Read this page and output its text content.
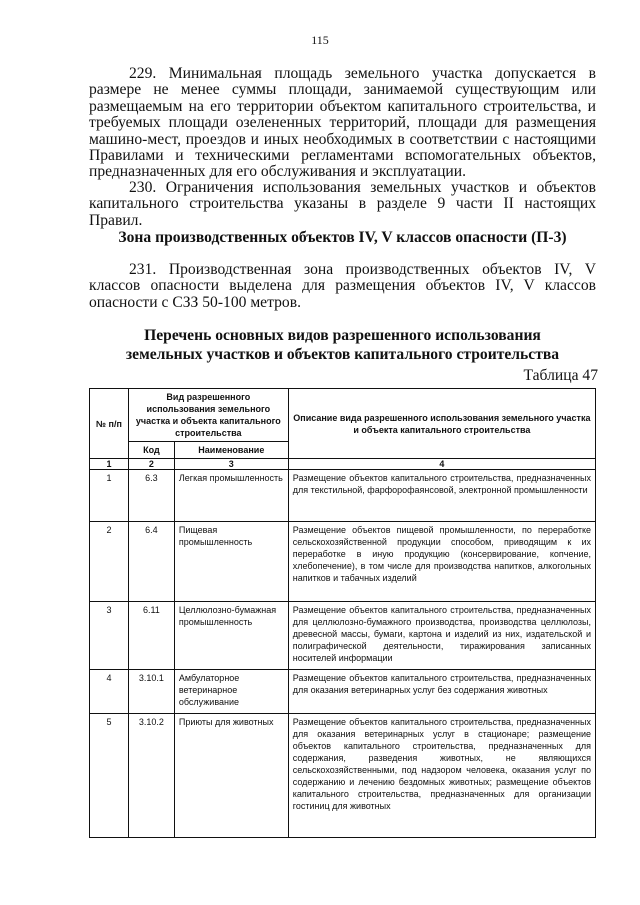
115

229. Минимальная площадь земельного участка допускается в размере не менее суммы площади, занимаемой существующим или размещаемым на его территории объектом капитального строительства, и требуемых площади озелененных территорий, площади для размещения машино-мест, проездов и иных необходимых в соответствии с настоящими Правилами и техническими регламентами вспомогательных объектов, предназначенных для его обслуживания и эксплуатации.

230. Ограничения использования земельных участков и объектов капитального строительства указаны в разделе 9 части II настоящих Правил.

Зона производственных объектов IV, V классов опасности (П-3)

231. Производственная зона производственных объектов IV, V классов опасности выделена для размещения объектов IV, V классов опасности с СЗЗ 50-100 метров.

Перечень основных видов разрешенного использования
земельных участков и объектов капитального строительства
Таблица 47
№ п/п	Вид разрешенного использования земельного участка и объекта капитального строительства		Описание вида разрешенного использования земельного участка и объекта капитального строительства
	Код	Наименование	
1	2	3	4
1	6.3	Легкая промышленность	Размещение объектов капитального строительства, предназначенных для текстильной, фарфорофаянсовой, электронной промышленности
2	6.4	Пищевая промышленность	Размещение объектов пищевой промышленности, по переработке сельскохозяйственной продукции способом, приводящим к их переработке в иную продукцию (консервирование, копчение, хлебопечение), в том числе для производства напитков, алкогольных напитков и табачных изделий
3	6.11	Целлюлозно-бумажная промышленность	Размещение объектов капитального строительства, предназначенных для целлюлозно-бумажного производства, производства целлюлозы, древесной массы, бумаги, картона и изделий из них, издательской и полиграфической деятельности, тиражирования записанных носителей информации
4	3.10.1	Амбулаторное ветеринарное обслуживание	Размещение объектов капитального строительства, предназначенных для оказания ветеринарных услуг без содержания животных
5	3.10.2	Приюты для животных	Размещение объектов капитального строительства, предназначенных для оказания ветеринарных услуг в стационаре; размещение объектов капитального строительства, предназначенных для содержания, разведения животных, не являющихся сельскохозяйственными, под надзором человека, оказания услуг по содержанию и лечению бездомных животных; размещение объектов капитального строительства, предназначенных для организации гостиниц для животных
